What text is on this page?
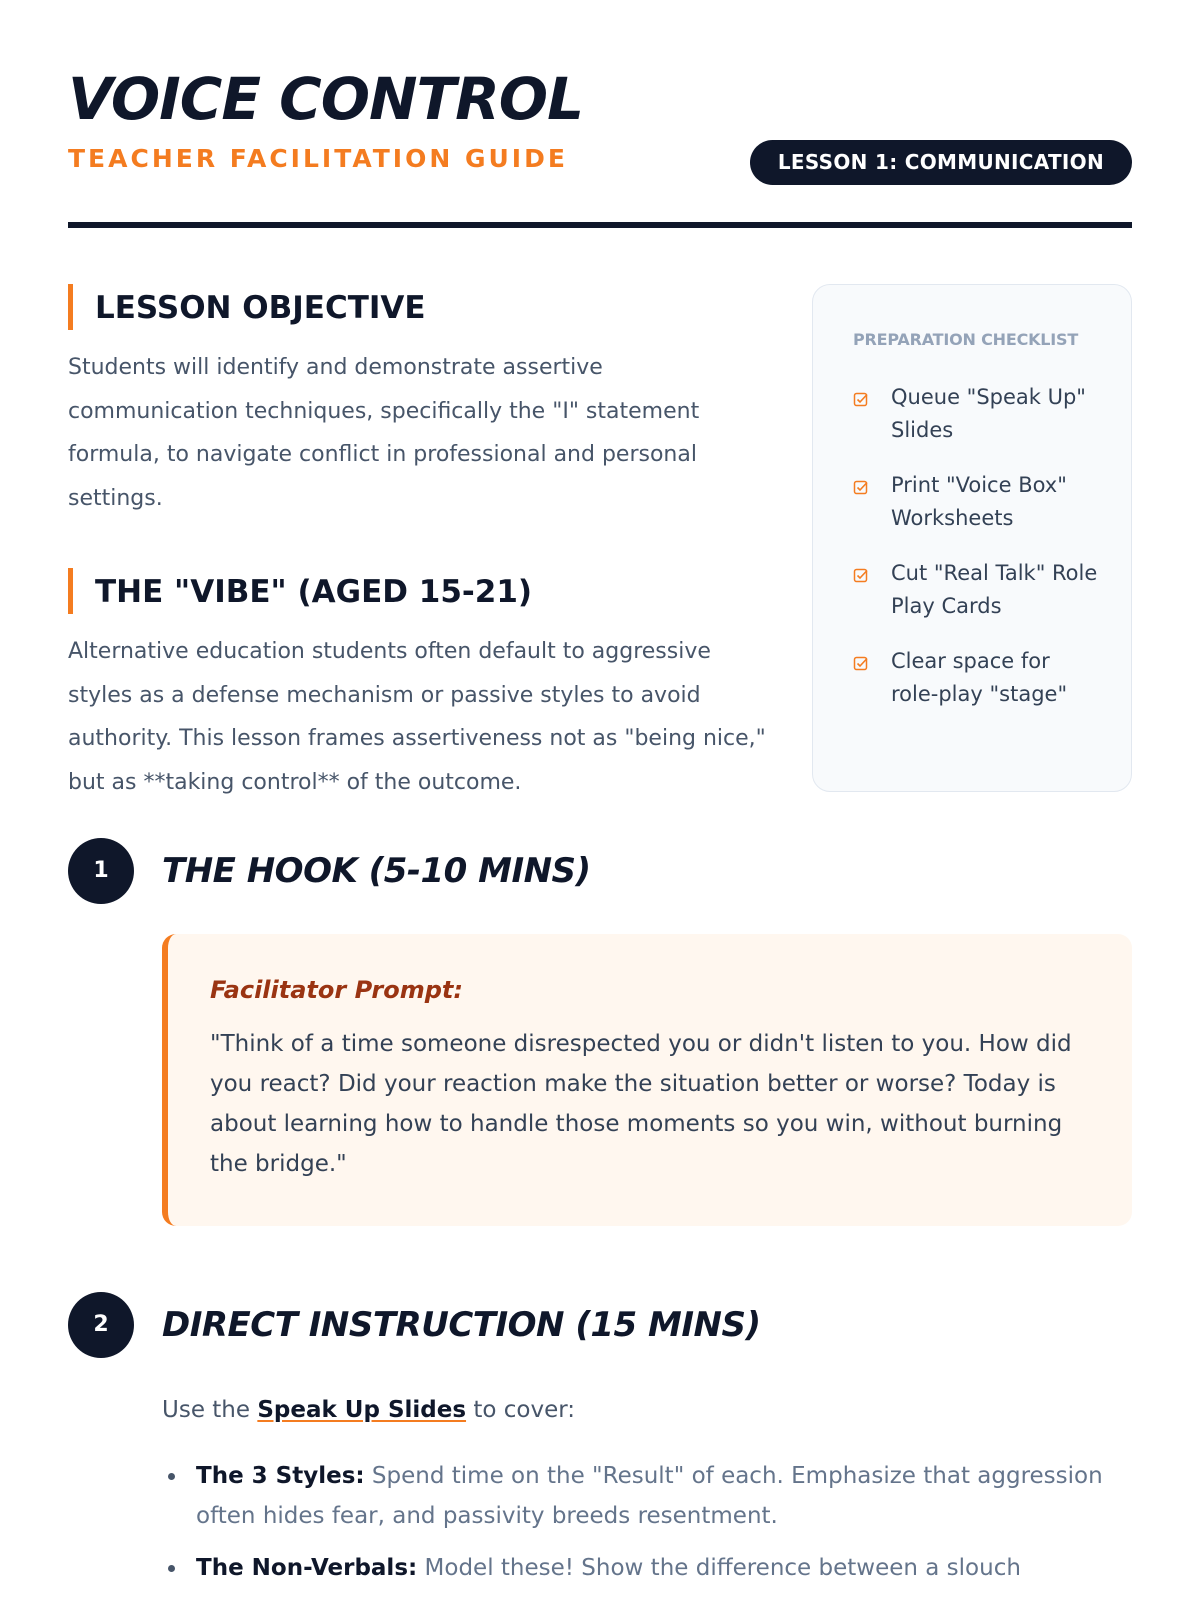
VOICE CONTROL
TEACHER FACILITATION GUIDE	LESSON 1: COMMUNICATION
LESSON OBJECTIVE

Students will identify and demonstrate assertive communication techniques, specifically the "I" statement formula, to navigate conflict in professional and personal settings.

THE "VIBE" (AGED 15-21)

Alternative education students often default to aggressive styles as a defense mechanism or passive styles to avoid authority. This lesson frames assertiveness not as "being nice," but as **taking control** of the outcome.

PREPARATION CHECKLIST
Queue "Speak Up" Slides
Print "Voice Box" Worksheets
Cut "Real Talk" Role Play Cards
Clear space for role-play "stage"
1	THE HOOK (5-10 MINS)
Facilitator Prompt:

"Think of a time someone disrespected you or didn't listen to you. How did you react? Did your reaction make the situation better or worse? Today is about learning how to handle those moments so you win, without burning the bridge."

2	DIRECT INSTRUCTION (15 MINS)

Use the Speak Up Slides to cover:

The 3 Styles: Spend time on the "Result" of each. Emphasize that aggression often hides fear, and passivity breeds resentment.
The Non-Verbals: Model these! Show the difference between a slouch
